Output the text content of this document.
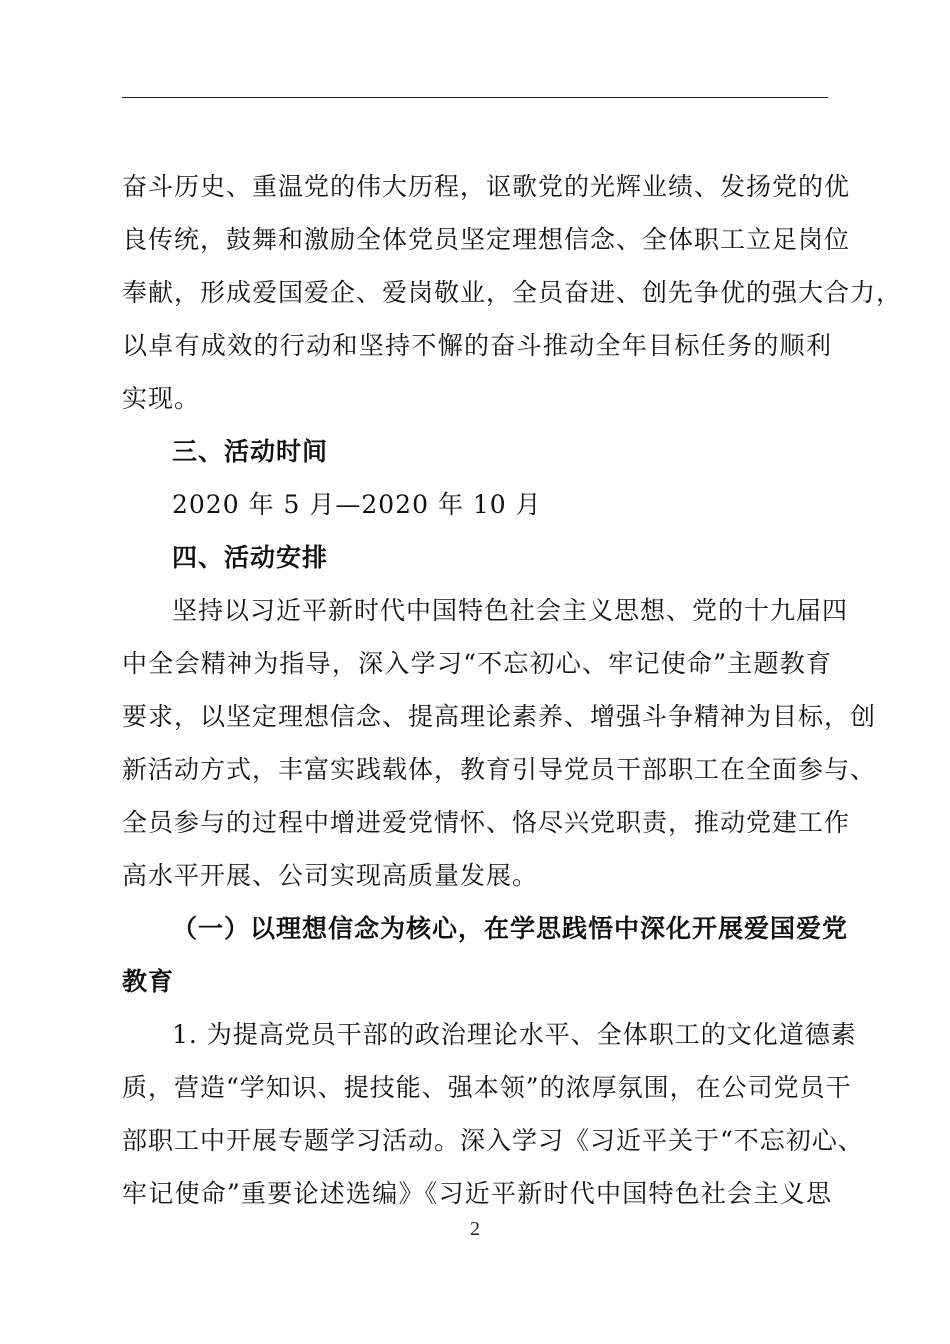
奋斗历史、重温党的伟大历程，讴歌党的光辉业绩、发扬党的优
良传统，鼓舞和激励全体党员坚定理想信念、全体职工立足岗位
奉献，形成爱国爱企、爱岗敬业，全员奋进、创先争优的强大合力，
以卓有成效的行动和坚持不懈的奋斗推动全年目标任务的顺利
实现。
三、活动时间
2020 年 5 月—2020 年 10 月
四、活动安排
坚持以习近平新时代中国特色社会主义思想、党的十九届四
中全会精神为指导，深入学习“不忘初心、牢记使命”主题教育
要求，以坚定理想信念、提高理论素养、增强斗争精神为目标，创
新活动方式，丰富实践载体，教育引导党员干部职工在全面参与、
全员参与的过程中增进爱党情怀、恪尽兴党职责，推动党建工作
高水平开展、公司实现高质量发展。
（一）以理想信念为核心，在学思践悟中深化开展爱国爱党
教育
1. 为提高党员干部的政治理论水平、全体职工的文化道德素
质，营造“学知识、提技能、强本领”的浓厚氛围，在公司党员干
部职工中开展专题学习活动。深入学习《习近平关于“不忘初心、
牢记使命”重要论述选编》《习近平新时代中国特色社会主义思
2
